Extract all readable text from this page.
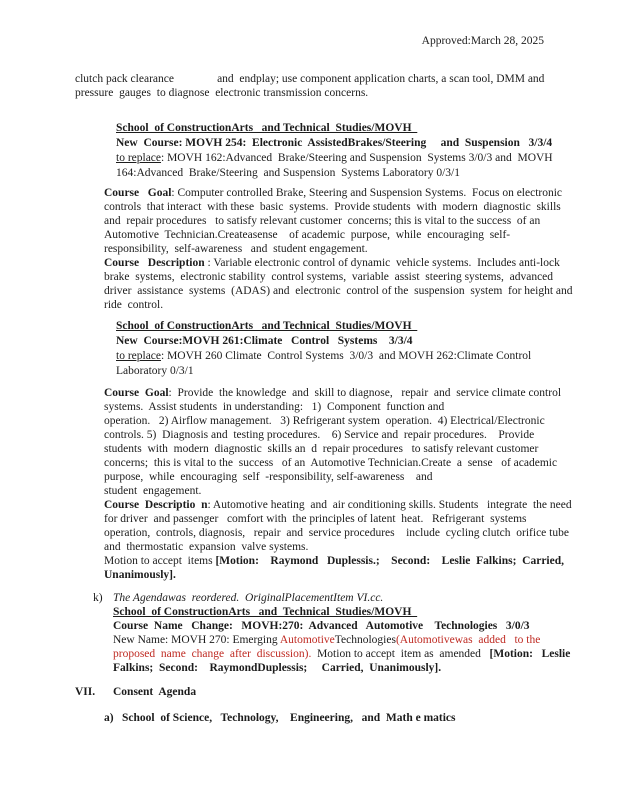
Approved:March 28, 2025
clutch pack clearance               and  endplay; use component application charts, a scan tool, DMM and
pressure  gauges  to diagnose  electronic transmission concerns.
School  of ConstructionArts   and Technical  Studies/MOVH
New  Course: MOVH 254:  Electronic  AssistedBrakes/Steering     and  Suspension   3/3/4
to replace: MOVH 162:Advanced  Brake/Steering and Suspension  Systems 3/0/3 and  MOVH
164:Advanced  Brake/Steering  and Suspension  Systems Laboratory 0/3/1
Course   Goal: Computer controlled Brake, Steering and Suspension Systems.  Focus on electronic
controls  that interact  with these  basic  systems.  Provide students  with  modern  diagnostic  skills
and  repair procedures   to satisfy relevant customer  concerns; this is vital to the success  of an
Automotive  Technician.Createasense    of academic  purpose,  while  encouraging  self-
responsibility,  self-awareness   and  student engagement.
Course   Description : Variable electronic control of dynamic  vehicle systems.  Includes anti-lock
brake  systems,  electronic stability  control systems,  variable  assist  steering systems,  advanced
driver  assistance  systems  (ADAS) and  electronic  control of the  suspension  system  for height and
ride  control.
School  of ConstructionArts   and Technical  Studies/MOVH
New  Course:MOVH 261:Climate   Control   Systems    3/3/4
to replace: MOVH 260 Climate  Control Systems  3/0/3  and MOVH 262:Climate Control
Laboratory 0/3/1
Course  Goal:  Provide  the knowledge  and  skill to diagnose,   repair  and  service climate control
systems.  Assist students  in understanding:   1)  Component  function and
operation.   2) Airflow management.   3) Refrigerant system  operation.  4) Electrical/Electronic
controls. 5)  Diagnosis and  testing procedures.    6) Service and  repair procedures.    Provide
students  with  modern  diagnostic  skills an  d  repair procedures   to satisfy relevant customer
concerns;  this is vital to the  success   of an  Automotive Technician.Create  a  sense   of academic
purpose,  while  encouraging  self  -responsibility, self-awareness    and
student  engagement.
Course  Descriptio  n: Automotive heating  and  air conditioning skills. Students   integrate  the need
for driver  and passenger   comfort with  the principles of latent  heat.   Refrigerant  systems
operation,  controls, diagnosis,   repair  and  service procedures    include  cycling clutch  orifice tube
and  thermostatic  expansion  valve systems.
Motion to accept  items [Motion:    Raymond   Duplessis.;    Second:    Leslie  Falkins;  Carried,
Unanimously].
k) The Agendawas  reordered.  OriginalPlacementItem VI.cc.
School  of ConstructionArts   and  Technical  Studies/MOVH
Course  Name   Change:   MOVH:270:  Advanced   Automotive    Technologies   3/0/3
New Name: MOVH 270: Emerging AutomotiveTechnologies(Automotivewas  added   to the
proposed  name  change  after  discussion).  Motion to accept  item as  amended   [Motion:   Leslie
Falkins;  Second:    RaymondDuplessis;     Carried,  Unanimously].
VII.	Consent  Agenda
a) School  of Science,   Technology,    Engineering,   and  Math e matics
